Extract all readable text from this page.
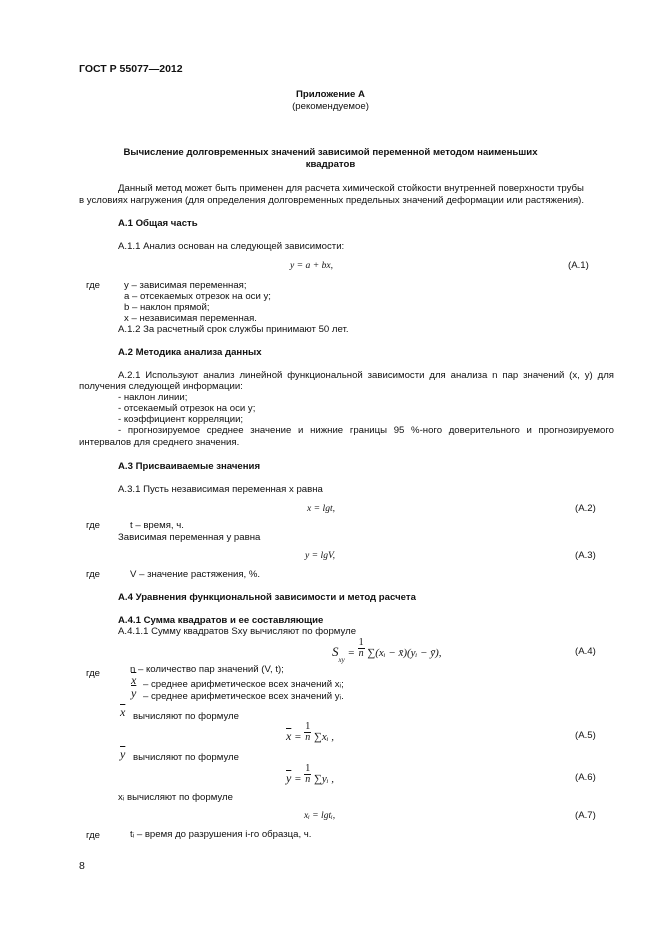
ГОСТ Р 55077—2012
Приложение А
(рекомендуемое)
Вычисление долговременных значений зависимой переменной методом наименьших
квадратов
Данный метод может быть применен для расчета химической стойкости внутренней поверхности трубы
в условиях нагружения (для определения долговременных предельных значений деформации или растяжения).
А.1 Общая часть
А.1.1 Анализ основан на следующей зависимости:
y = a + bx,	(А.1)
где y – зависимая переменная;
a – отсекаемых отрезок на оси y;
b – наклон прямой;
x – независимая переменная.
А.1.2 За расчетный срок службы принимают 50 лет.
А.2 Методика анализа данных
А.2.1 Используют анализ линейной функциональной зависимости для анализа n пар значений (x, y) для
получения следующей информации:
- наклон линии;
- отсекаемый отрезок на оси y;
- коэффициент корреляции;
- прогнозируемое среднее значение и нижние границы 95 %-ного доверительного и прогнозируемого
интервалов для среднего значения.
А.3 Присваиваемые значения
А.3.1 Пусть независимая переменная x равна
x = lgt,	(А.2)
где	t – время, ч.
Зависимая переменная y равна
y = lgV,	(А.3)
где	V – значение растяжения, %.
А.4 Уравнения функциональной зависимости и метод расчета
А.4.1 Сумма квадратов и ее составляющие
А.4.1.1 Сумму квадратов Sxy вычисляют по формуле
$S_{xy} = \frac{1}{n}$ ∑(xᵢ − x̄)(yᵢ − ȳ),	(А.4)
где	n – количество пар значений (V, t);
$\overline{x}$ – среднее арифметическое всех значений xᵢ;
$\overline{y}$ – среднее арифметическое всех значений yᵢ.
$\overline{x}$ вычисляют по формуле
$\overline{x} = \frac{1}{n}$ ∑xᵢ ,	(А.5)
$\overline{y}$ вычисляют по формуле
$\overline{y} = \frac{1}{n}$ ∑yᵢ ,	(А.6)
xᵢ вычисляют по формуле
xᵢ = lgtᵢ,	(А.7)
где	tᵢ – время до разрушения i-го образца, ч.
8
